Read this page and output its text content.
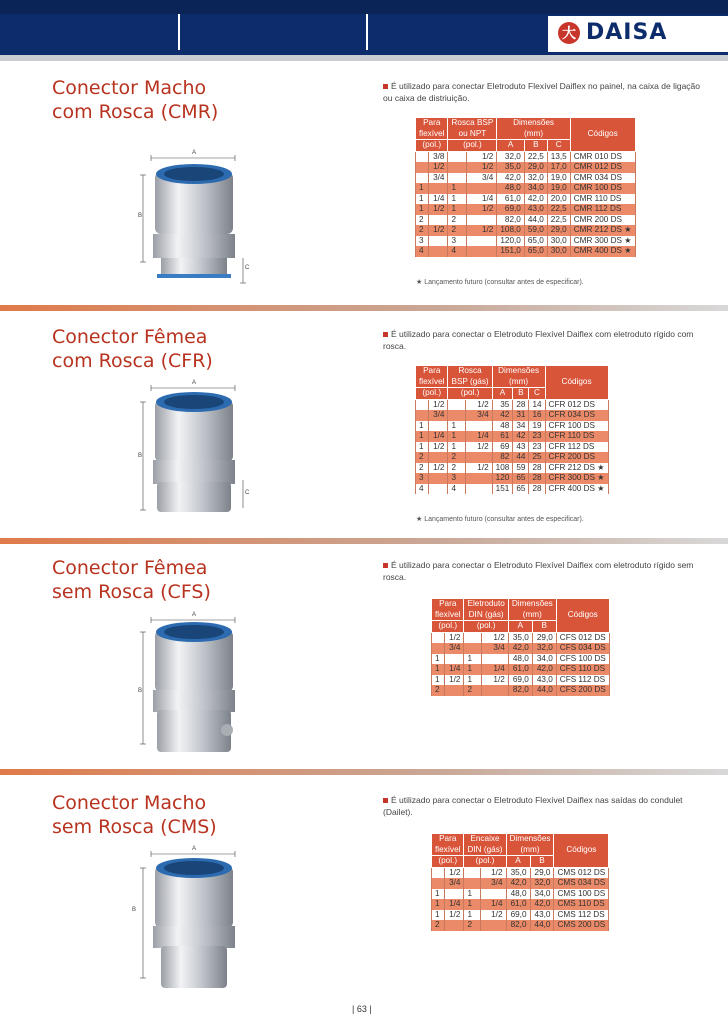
大 DAISA
Conector Macho
com Rosca (CMR)
É utilizado para conectar Eletroduto Flexível Daiflex no painel, na caixa de ligação ou caixa de distriuição.
A
B
C
Para
flexível		Rosca BSP
ou NPT		Dimensões
(mm)			Códigos

(pol.)		(pol.)		A	B	C	
	3/8		1/2	32,0	22,5	13,5	CMR 010 DS
	1/2		1/2	35,0	29,0	17,0	CMR 012 DS
	3/4		3/4	42,0	32,0	19,0	CMR 034 DS
1		1		48,0	34,0	19,0	CMR 100 DS
1	1/4	1	1/4	61,0	42,0	20,0	CMR 110 DS
1	1/2	1	1/2	69,0	43,0	22,5	CMR 112 DS
2		2		82,0	44,0	22,5	CMR 200 DS
2	1/2	2	1/2	108,0	59,0	29,0	CMR 212 DS ★
3		3		120,0	65,0	30,0	CMR 300 DS ★
4		4		151,0	65,0	30,0	CMR 400 DS ★
★ Lançamento futuro (consultar antes de especificar).
Conector Fêmea
com Rosca (CFR)
É utilizado para conectar o Eletroduto Flexível Daiflex com eletroduto rígido com rosca.
A
B
C
Para
flexível		Rosca
BSP (gás)		Dimensões
(mm)			Códigos

(pol.)		(pol.)		A	B	C	
	1/2		1/2	35	28	14	CFR 012 DS
	3/4		3/4	42	31	16	CFR 034 DS
1		1		48	34	19	CFR 100 DS
1	1/4	1	1/4	61	42	23	CFR 110 DS
1	1/2	1	1/2	69	43	23	CFR 112 DS
2		2		82	44	25	CFR 200 DS
2	1/2	2	1/2	108	59	28	CFR 212 DS ★
3		3		120	65	28	CFR 300 DS ★
4		4		151	65	28	CFR 400 DS ★
★ Lançamento futuro (consultar antes de especificar).
Conector Fêmea
sem Rosca (CFS)
É utilizado para conectar o Eletroduto Flexível Daiflex com eletroduto rígido sem rosca.
A
B
Para
flexível		Eletroduto
DIN (gás)		Dimensões
(mm)		Códigos

(pol.)		(pol.)		A	B	
	1/2		1/2	35,0	29,0	CFS 012 DS
	3/4		3/4	42,0	32,0	CFS 034 DS
1		1		48,0	34,0	CFS 100 DS
1	1/4	1	1/4	61,0	42,0	CFS 110 DS
1	1/2	1	1/2	69,0	43,0	CFS 112 DS
2		2		82,0	44,0	CFS 200 DS
Conector Macho
sem Rosca (CMS)
É utilizado para conectar o Eletroduto Flexível Daiflex nas saídas do condulet (Dailet).
A
B
Para
flexível		Encaixe
DIN (gás)		Dimensões
(mm)		Códigos

(pol.)		(pol.)		A	B	
	1/2		1/2	35,0	29,0	CMS 012 DS
	3/4		3/4	42,0	32,0	CMS 034 DS
1		1		48,0	34,0	CMS 100 DS
1	1/4	1	1/4	61,0	42,0	CMS 110 DS
1	1/2	1	1/2	69,0	43,0	CMS 112 DS
2		2		82,0	44,0	CMS 200 DS
| 63 |
